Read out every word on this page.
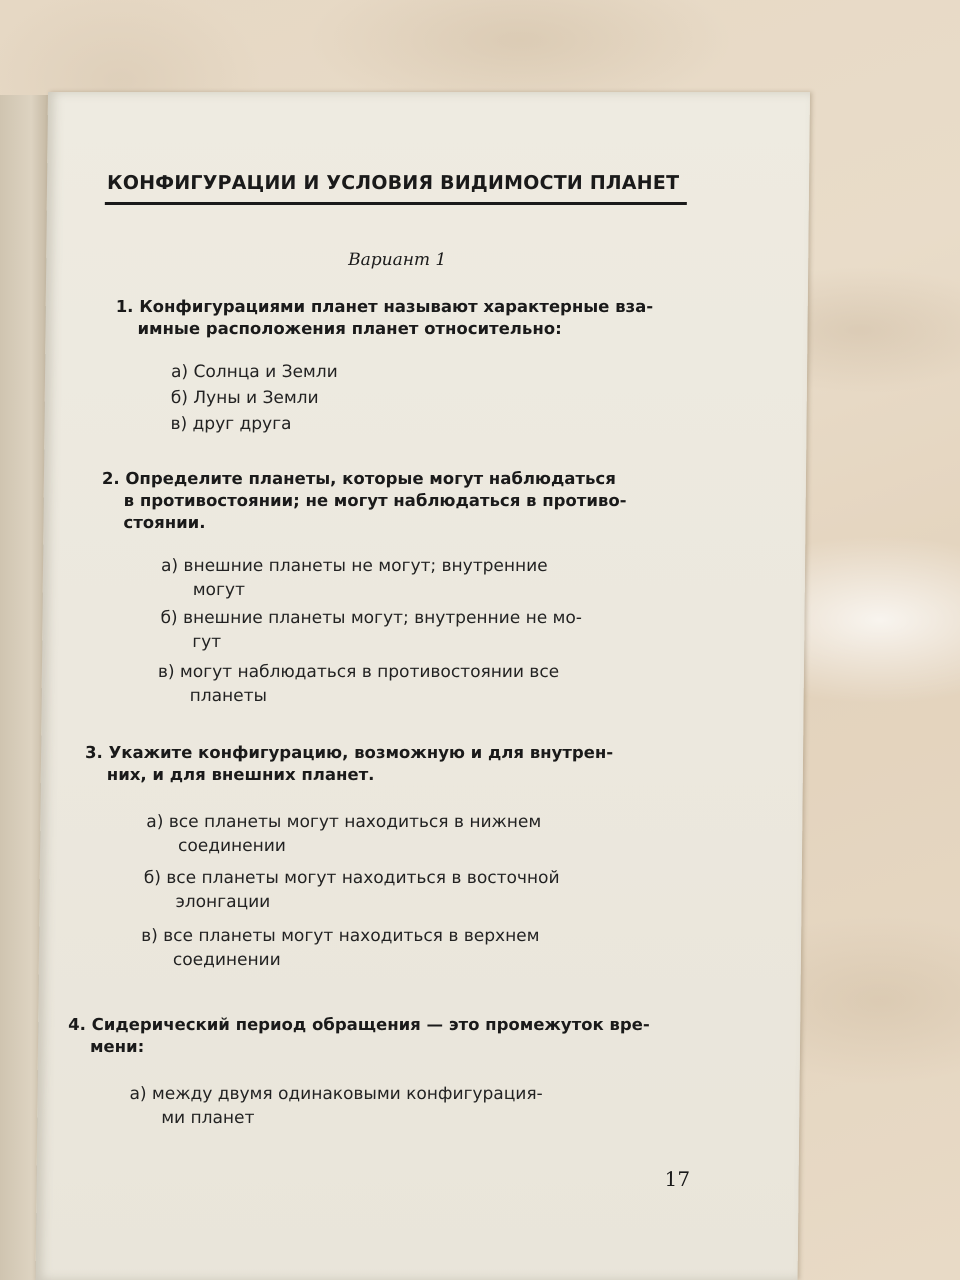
КОНФИГУРАЦИИ И УСЛОВИЯ ВИДИМОСТИ ПЛАНЕТ
Вариант 1
1. Конфигурациями планет называют характерные вза-
имные расположения планет относительно:
а) Солнца и Земли
б) Луны и Земли
в) друг друга
2. Определите планеты, которые могут наблюдаться
в противостоянии; не могут наблюдаться в противо-
стоянии.
а) внешние планеты не могут; внутренние
могут
б) внешние планеты могут; внутренние не мо-
гут
в) могут наблюдаться в противостоянии все
планеты
3. Укажите конфигурацию, возможную и для внутрен-
них, и для внешних планет.
а) все планеты могут находиться в нижнем
соединении
б) все планеты могут находиться в восточной
элонгации
в) все планеты могут находиться в верхнем
соединении
4. Сидерический период обращения — это промежуток вре-
мени:
а) между двумя одинаковыми конфигурация-
ми планет
17
